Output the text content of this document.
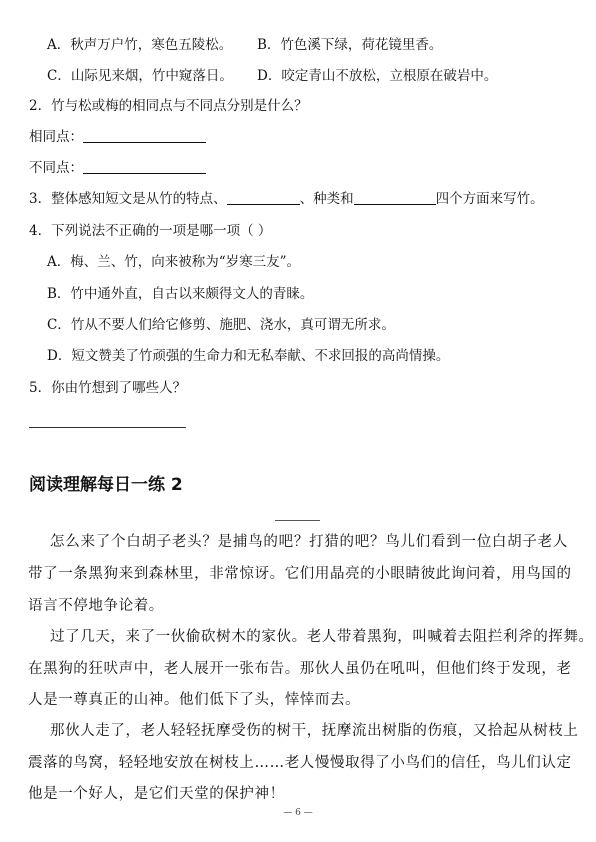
A．秋声万户竹，寒色五陵松。 B．竹色溪下绿，荷花镜里香。
C．山际见来烟，竹中窥落日。 D．咬定青山不放松，立根原在破岩中。
2．竹与松或梅的相同点与不同点分别是什么？
相同点：
不同点：
3．整体感知短文是从竹的特点、	、种类和	四个方面来写竹。
4．下列说法不正确的一项是哪一项（ ）
A．梅、兰、竹，向来被称为“岁寒三友”。
B．竹中通外直，自古以来颇得文人的青睐。
C．竹从不要人们给它修剪、施肥、浇水，真可谓无所求。
D．短文赞美了竹顽强的生命力和无私奉献、不求回报的高尚情操。
5．你由竹想到了哪些人？
阅读理解每日一练 2
怎么来了个白胡子老头？是捕鸟的吧？打猎的吧？鸟儿们看到一位白胡子老人
带了一条黑狗来到森林里，非常惊讶。它们用晶亮的小眼睛彼此询问着，用鸟国的
语言不停地争论着。
过了几天，来了一伙偷砍树木的家伙。老人带着黑狗，叫喊着去阻拦利斧的挥舞。
在黑狗的狂吠声中，老人展开一张布告。那伙人虽仍在吼叫，但他们终于发现，老
人是一尊真正的山神。他们低下了头，悻悻而去。
那伙人走了，老人轻轻抚摩受伤的树干，抚摩流出树脂的伤痕，又拾起从树枝上
震落的鸟窝，轻轻地安放在树枝上……老人慢慢取得了小鸟们的信任，鸟儿们认定
他是一个好人，是它们天堂的保护神！
— 6 —
